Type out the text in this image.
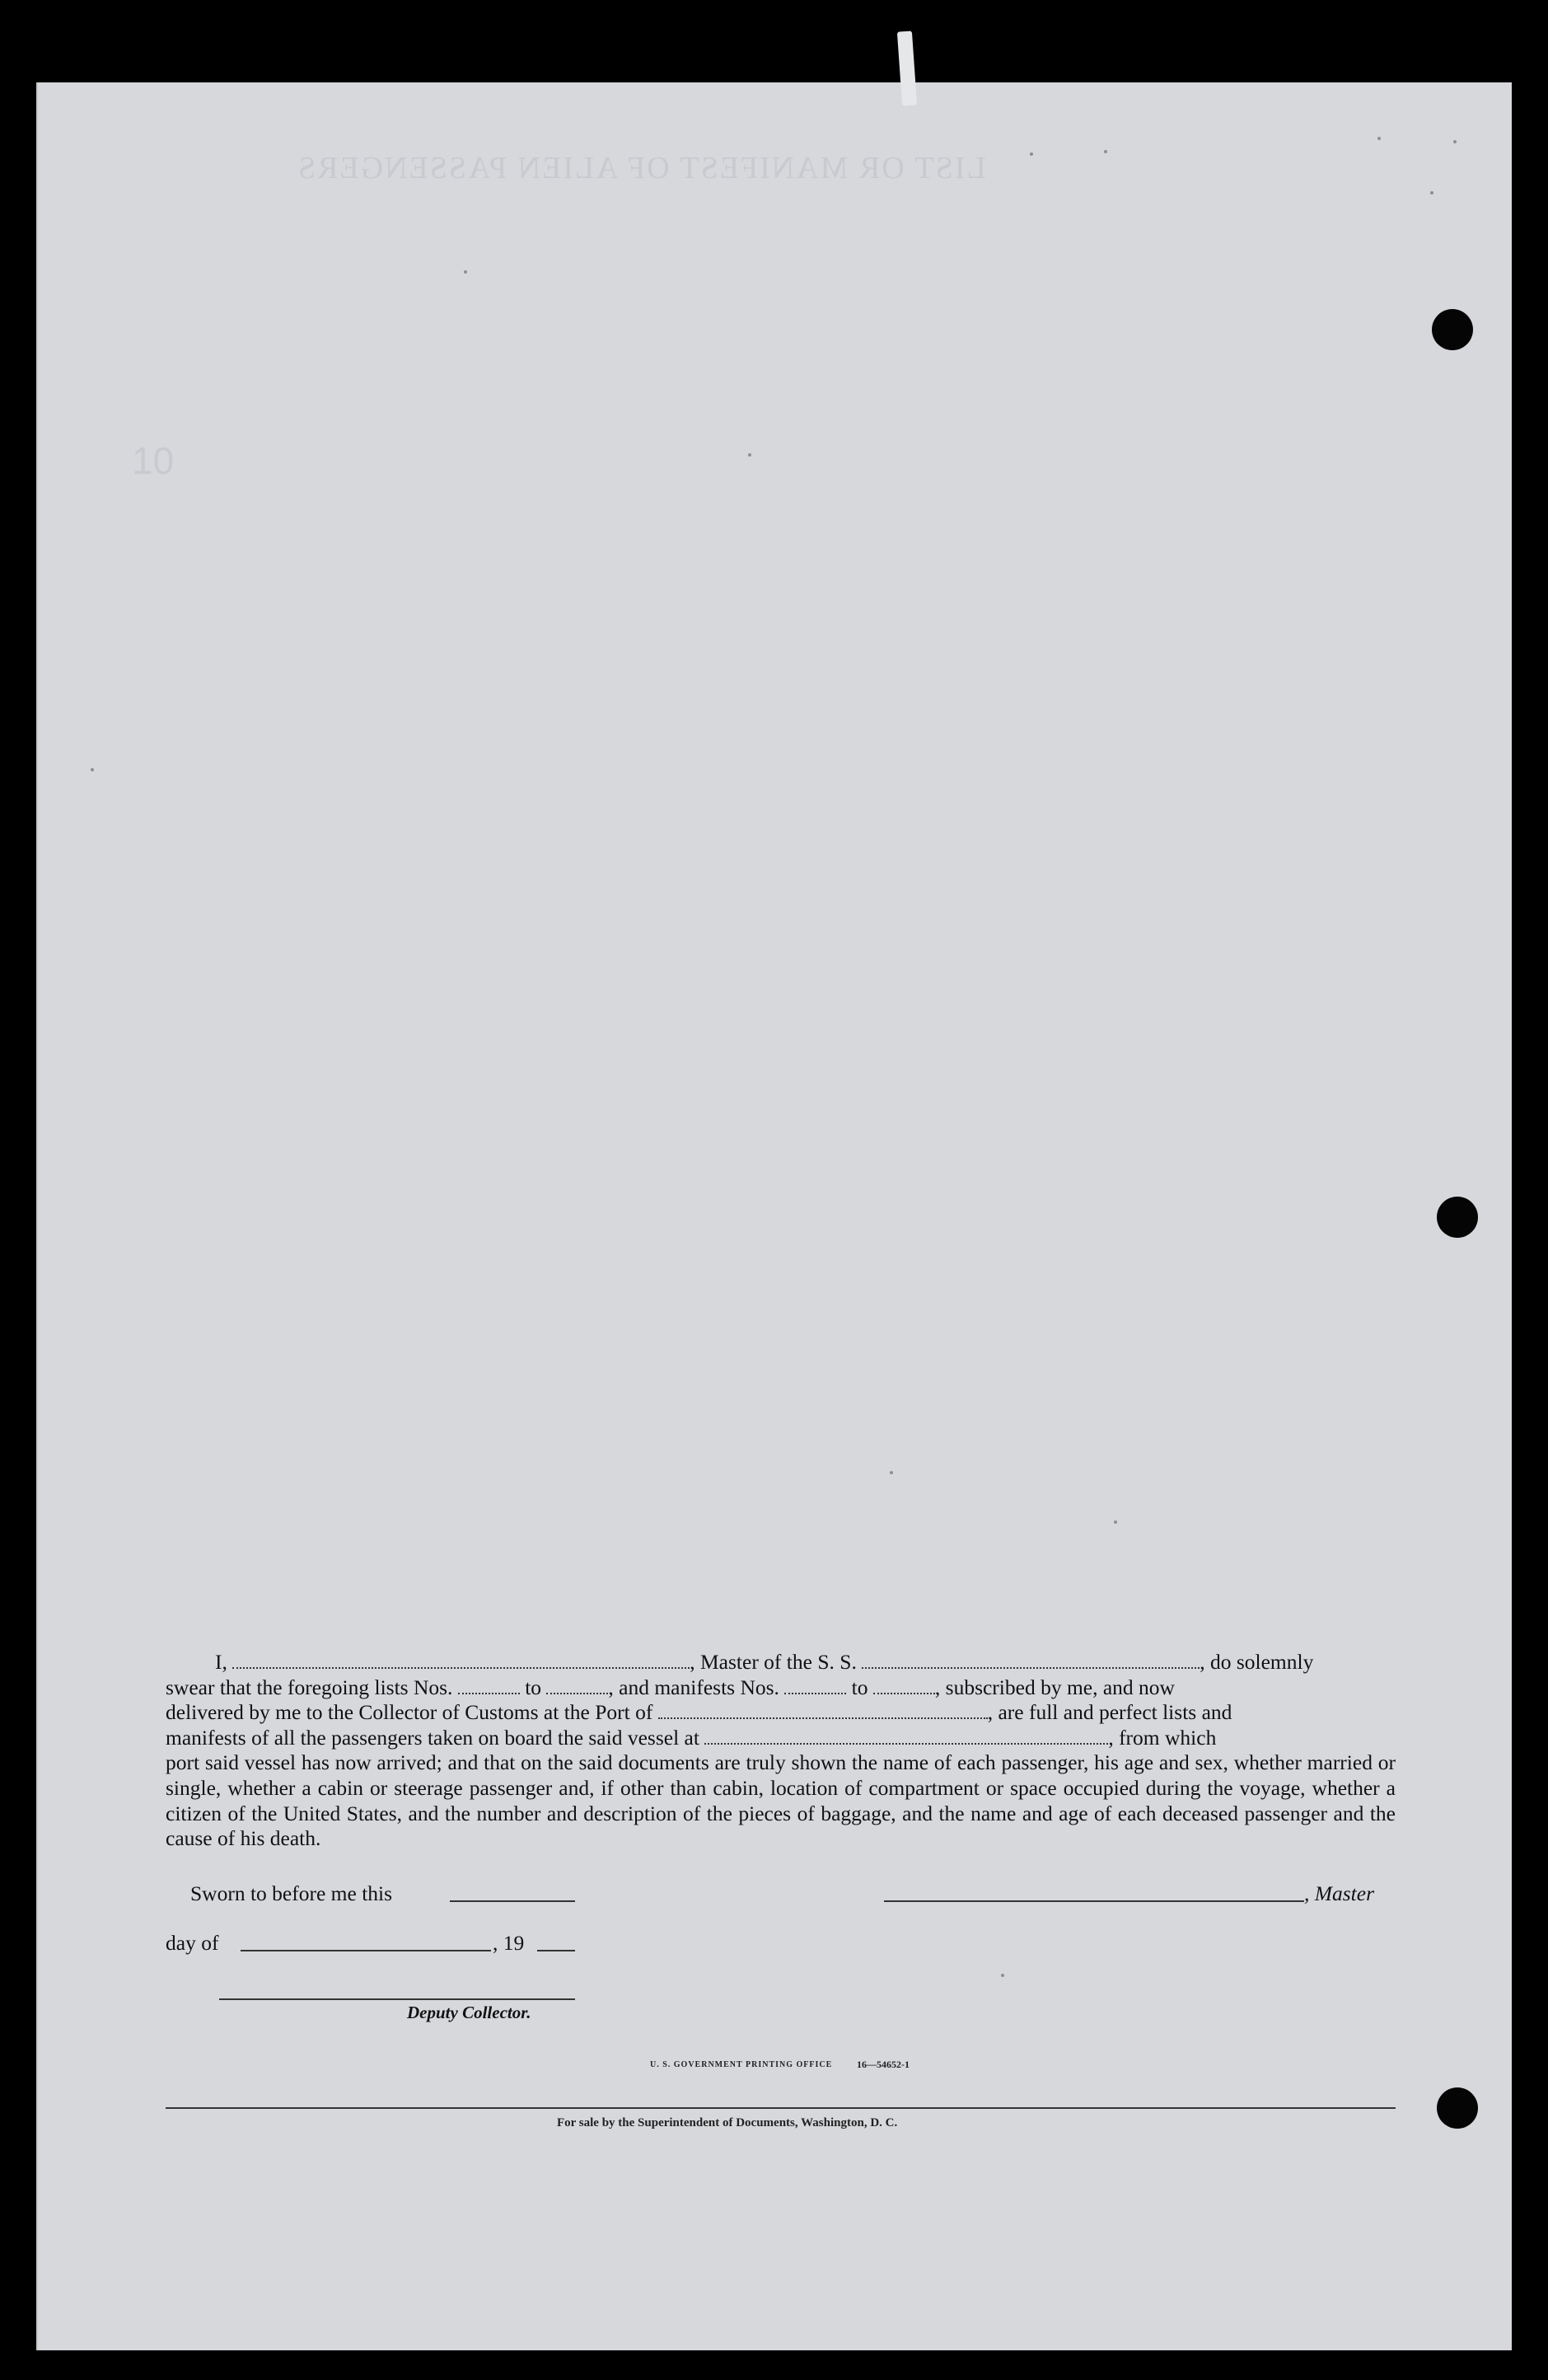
LIST OR MANIFEST OF ALIEN PASSENGERS
10
I,	, Master of the S. S.	, do solemnly
swear that the foregoing lists Nos.	to	, and manifests Nos.	to	, subscribed by me, and now
delivered by me to the Collector of Customs at the Port of	, are full and perfect lists and
manifests of all the passengers taken on board the said vessel at	, from which
port said vessel has now arrived; and that on the said documents are truly shown the name of each passenger, his age and sex, whether married or single, whether a cabin or steerage passenger and, if other than cabin, location of compartment or space occupied during the voyage, whether a citizen of the United States, and the number and description of the pieces of baggage, and the name and age of each deceased passenger and the cause of his death.
Sworn to before me this	, Master
day of	, 19
Deputy Collector.
U. S. GOVERNMENT PRINTING OFFICE 16—54652-1
For sale by the Superintendent of Documents, Washington, D. C.
